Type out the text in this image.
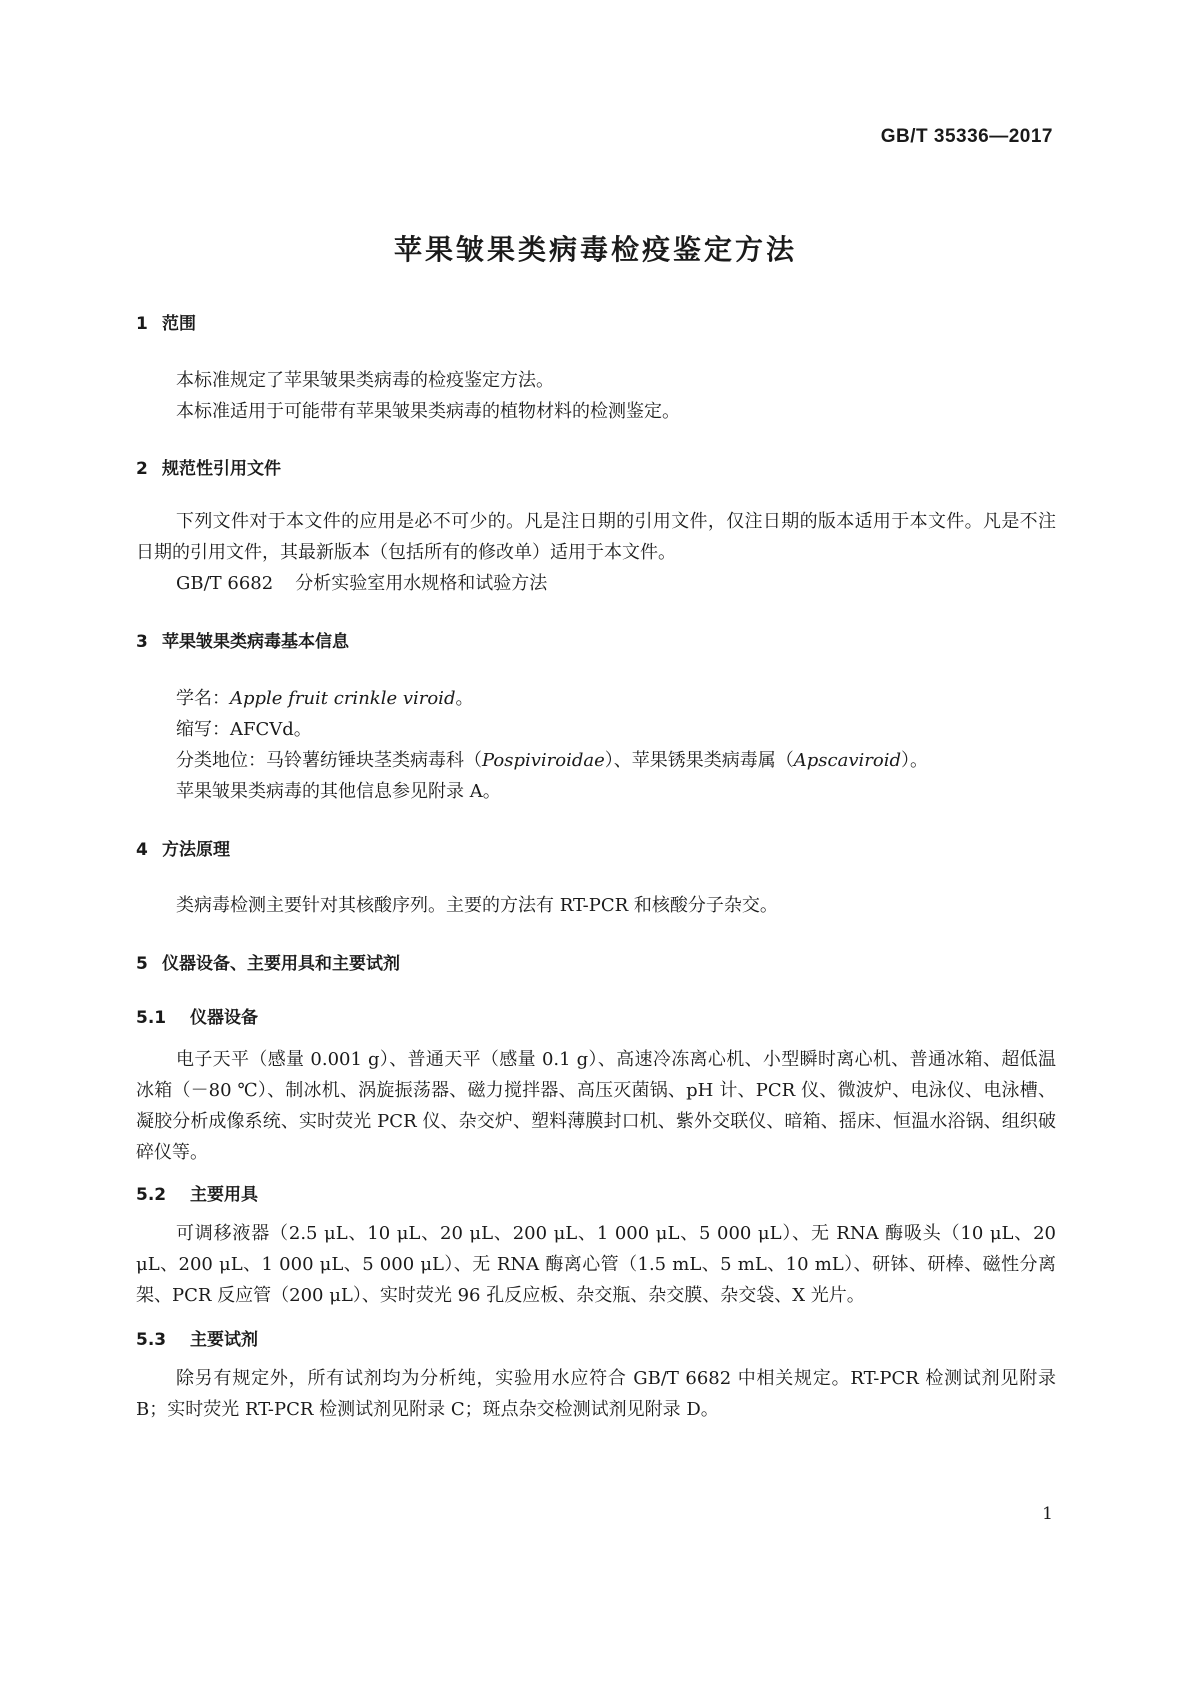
GB/T 35336—2017
苹果皱果类病毒检疫鉴定方法
1 范围
本标准规定了苹果皱果类病毒的检疫鉴定方法。
本标准适用于可能带有苹果皱果类病毒的植物材料的检测鉴定。
2 规范性引用文件
下列文件对于本文件的应用是必不可少的。凡是注日期的引用文件，仅注日期的版本适用于本文件。凡是不注日期的引用文件，其最新版本（包括所有的修改单）适用于本文件。
GB/T 6682 分析实验室用水规格和试验方法
3 苹果皱果类病毒基本信息
学名：Apple fruit crinkle viroid。
缩写：AFCVd。
分类地位：马铃薯纺锤块茎类病毒科（Pospiviroidae）、苹果锈果类病毒属（Apscaviroid）。
苹果皱果类病毒的其他信息参见附录 A。
4 方法原理
类病毒检测主要针对其核酸序列。主要的方法有 RT-PCR 和核酸分子杂交。
5 仪器设备、主要用具和主要试剂
5.1 仪器设备
电子天平（感量 0.001 g）、普通天平（感量 0.1 g）、高速冷冻离心机、小型瞬时离心机、普通冰箱、超低温冰箱（－80 ℃）、制冰机、涡旋振荡器、磁力搅拌器、高压灭菌锅、pH 计、PCR 仪、微波炉、电泳仪、电泳槽、凝胶分析成像系统、实时荧光 PCR 仪、杂交炉、塑料薄膜封口机、紫外交联仪、暗箱、摇床、恒温水浴锅、组织破碎仪等。
5.2 主要用具
可调移液器（2.5 μL、10 μL、20 μL、200 μL、1 000 μL、5 000 μL）、无 RNA 酶吸头（10 μL、20 μL、200 μL、1 000 μL、5 000 μL）、无 RNA 酶离心管（1.5 mL、5 mL、10 mL）、研钵、研棒、磁性分离架、PCR 反应管（200 μL）、实时荧光 96 孔反应板、杂交瓶、杂交膜、杂交袋、X 光片。
5.3 主要试剂
除另有规定外，所有试剂均为分析纯，实验用水应符合 GB/T 6682 中相关规定。RT-PCR 检测试剂见附录 B；实时荧光 RT-PCR 检测试剂见附录 C；斑点杂交检测试剂见附录 D。
1
